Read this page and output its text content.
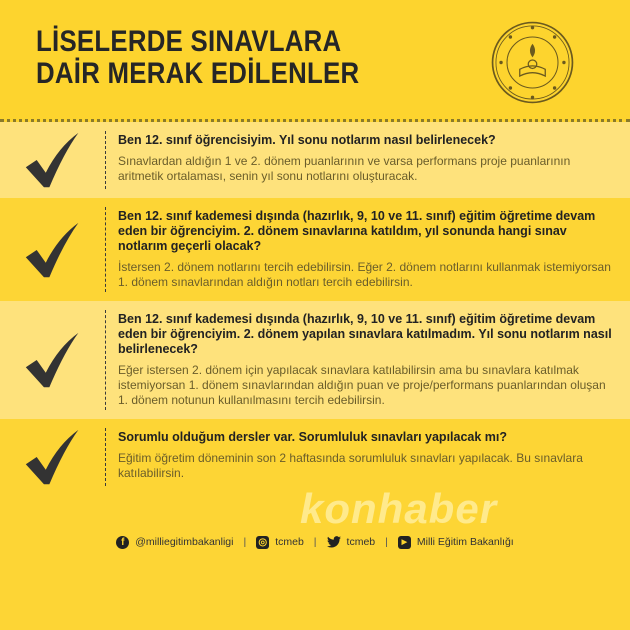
LİSELERDE SINAVLARA
DAİR MERAK EDİLENLER
Ben 12. sınıf öğrencisiyim. Yıl sonu notlarım nasıl belirlenecek?
Sınavlardan aldığın 1 ve 2. dönem puanlarının ve varsa performans proje puanlarının aritmetik ortalaması, senin yıl sonu notlarını oluşturacak.
Ben 12. sınıf kademesi dışında (hazırlık, 9, 10 ve 11. sınıf) eğitim öğretime devam eden bir öğrenciyim. 2. dönem sınavlarına katıldım, yıl sonunda hangi sınav notlarım geçerli olacak?
İstersen 2. dönem notlarını tercih edebilirsin. Eğer 2. dönem notlarını kullanmak istemiyorsan 1. dönem sınavlarından aldığın notları tercih edebilirsin.
Ben 12. sınıf kademesi dışında (hazırlık, 9, 10 ve 11. sınıf) eğitim öğretime devam eden bir öğrenciyim. 2. dönem yapılan sınavlara katılmadım. Yıl sonu notlarım nasıl belirlenecek?
Eğer istersen 2. dönem için yapılacak sınavlara katılabilirsin ama bu sınavlara katılmak istemiyorsan 1. dönem sınavlarından aldığın puan ve proje/performans puanlarından oluşan 1. dönem notunun kullanılmasını tercih edebilirsin.
Sorumlu olduğum dersler var. Sorumluluk sınavları yapılacak mı?
Eğitim öğretim döneminin son 2 haftasında sorumluluk sınavları yapılacak. Bu sınavlara katılabilirsin.
konhaber
f	@milliegitimbakanligi | ◎ tcmeb |	tcmeb |	▶ Milli Eğitim Bakanlığı
